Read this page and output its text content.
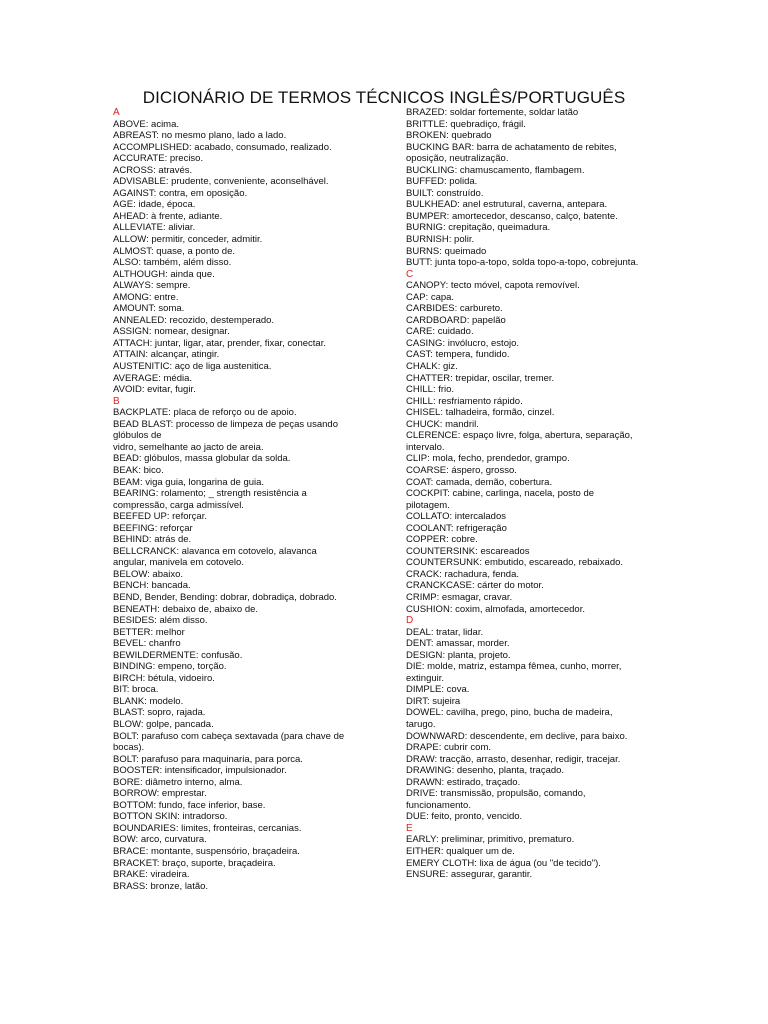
DICIONÁRIO DE TERMOS TÉCNICOS INGLÊS/PORTUGUÊS
A
ABOVE: acima.
ABREAST: no mesmo plano, lado a lado.
ACCOMPLISHED: acabado, consumado, realizado.
ACCURATE: preciso.
ACROSS: através.
ADVISABLE: prudente, conveniente, aconselhável.
AGAINST: contra, em oposição.
AGE: idade, época.
AHEAD: à frente, adiante.
ALLEVIATE: aliviar.
ALLOW: permitir, conceder, admitir.
ALMOST: quase, a ponto de.
ALSO: também, além disso.
ALTHOUGH: ainda que.
ALWAYS: sempre.
AMONG: entre.
AMOUNT: soma.
ANNEALED: recozido, destemperado.
ASSIGN: nomear, designar.
ATTACH: juntar, ligar, atar, prender, fixar, conectar.
ATTAIN: alcançar, atingir.
AUSTENITIC: aço de liga austenitica.
AVERAGE: média.
AVOID: evitar, fugir.
B
BACKPLATE: placa de reforço ou de apoio.
BEAD BLAST: processo de limpeza de peças usando
glóbulos de
vidro, semelhante ao jacto de areia.
BEAD: glóbulos, massa globular da solda.
BEAK: bico.
BEAM: viga guia, longarina de guia.
BEARING: rolamento; _ strength resistência a
compressão, carga admissível.
BEEFED UP: reforçar.
BEEFING: reforçar
BEHIND: atrás de.
BELLCRANCK: alavanca em cotovelo, alavanca
angular, manivela em cotovelo.
BELOW: abaixo.
BENCH: bancada.
BEND, Bender, Bending: dobrar, dobradiça, dobrado.
BENEATH: debaixo de, abaixo de.
BESIDES: além disso.
BETTER: melhor
BEVEL: chanfro
BEWILDERMENTE: confusão.
BINDING: empeno, torção.
BIRCH: bétula, vidoeiro.
BIT: broca.
BLANK: modelo.
BLAST: sopro, rajada.
BLOW: golpe, pancada.
BOLT: parafuso com cabeça sextavada (para chave de
bocas).
BOLT: parafuso para maquinaria, para porca.
BOOSTER: intensificador, impulsionador.
BORE: diâmetro interno, alma.
BORROW: emprestar.
BOTTOM: fundo, face inferior, base.
BOTTON SKIN: intradorso.
BOUNDARIES: limites, fronteiras, cercanias.
BOW: arco, curvatura.
BRACE: montante, suspensório, braçadeira.
BRACKET: braço, suporte, braçadeira.
BRAKE: viradeira.
BRASS: bronze, latão.
BRAZED: soldar fortemente, soldar latão
BRITTLE: quebradiço, frágil.
BROKEN: quebrado
BUCKING BAR: barra de achatamento de rebites,
oposição, neutralização.
BUCKLING: chamuscamento, flambagem.
BUFFED: polida.
BUILT: construído.
BULKHEAD: anel estrutural, caverna, antepara.
BUMPER: amortecedor, descanso, calço, batente.
BURNIG: crepitação, queimadura.
BURNISH: polir.
BURNS: queimado
BUTT: junta topo-a-topo, solda topo-a-topo, cobrejunta.
C
CANOPY: tecto móvel, capota removível.
CAP: capa.
CARBIDES: carbureto.
CARDBOARD: papelão
CARE: cuidado.
CASING: invólucro, estojo.
CAST: tempera, fundido.
CHALK: giz.
CHATTER: trepidar, oscilar, tremer.
CHILL: frio.
CHILL: resfriamento rápido.
CHISEL: talhadeira, formão, cinzel.
CHUCK: mandril.
CLERENCE: espaço livre, folga, abertura, separação,
intervalo.
CLIP: mola, fecho, prendedor, grampo.
COARSE: áspero, grosso.
COAT: camada, demão, cobertura.
COCKPIT: cabine, carlinga, nacela, posto de
pilotagem.
COLLATO: intercalados
COOLANT: refrigeração
COPPER: cobre.
COUNTERSINK: escareados
COUNTERSUNK: embutido, escareado, rebaixado.
CRACK: rachadura, fenda.
CRANCKCASE: cárter do motor.
CRIMP: esmagar, cravar.
CUSHION: coxim, almofada, amortecedor.
D
DEAL: tratar, lidar.
DENT: amassar, morder.
DESIGN: planta, projeto.
DIE: molde, matriz, estampa fêmea, cunho, morrer,
extinguir.
DIMPLE: cova.
DIRT: sujeira
DOWEL: cavilha, prego, pino, bucha de madeira,
tarugo.
DOWNWARD: descendente, em declive, para baixo.
DRAPE: cubrir com.
DRAW: tracção, arrasto, desenhar, redigir, tracejar.
DRAWING: desenho, planta, traçado.
DRAWN: estirado, traçado.
DRIVE: transmissão, propulsão, comando,
funcionamento.
DUE: feito, pronto, vencido.
E
EARLY: preliminar, primitivo, prematuro.
EITHER: qualquer um de.
EMERY CLOTH: lixa de água (ou "de tecido").
ENSURE: assegurar, garantir.
